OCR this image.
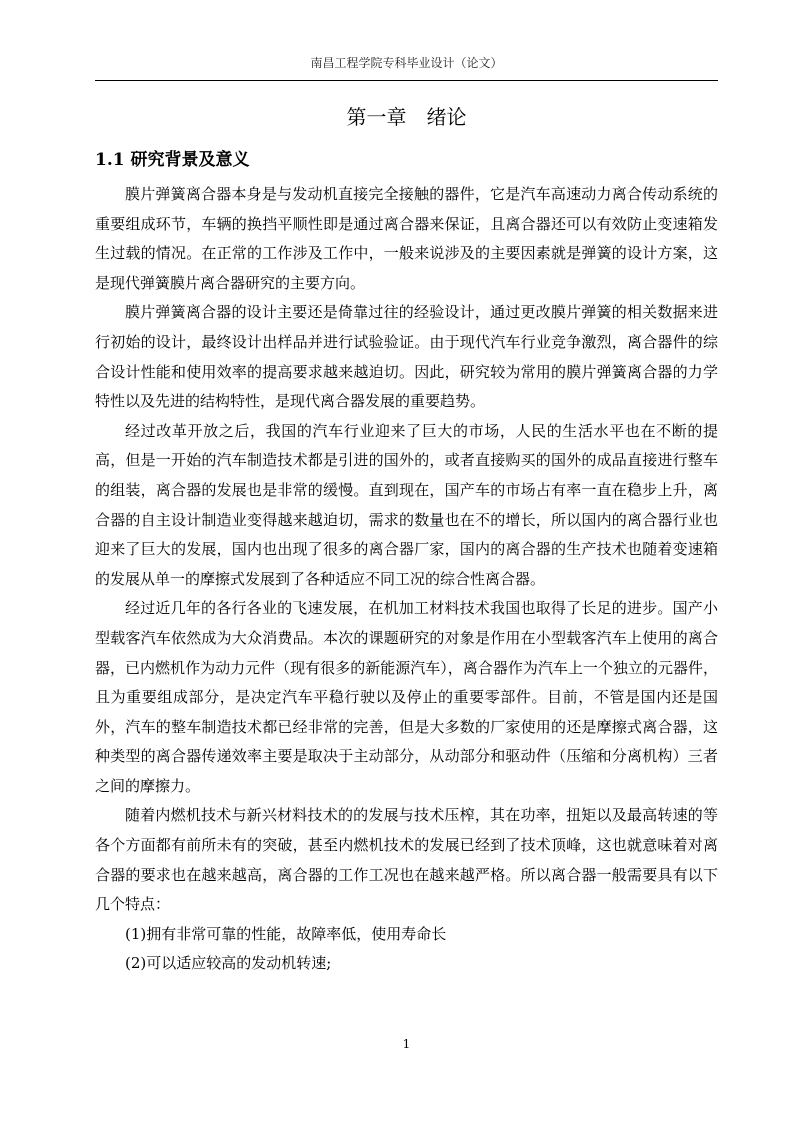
南昌工程学院专科毕业设计（论文）
第一章　绪论
1.1 研究背景及意义

膜片弹簧离合器本身是与发动机直接完全接触的器件，它是汽车高速动力离合传动系统的重要组成环节，车辆的换挡平顺性即是通过离合器来保证，且离合器还可以有效防止变速箱发生过载的情况。在正常的工作涉及工作中，一般来说涉及的主要因素就是弹簧的设计方案，这是现代弹簧膜片离合器研究的主要方向。

膜片弹簧离合器的设计主要还是倚靠过往的经验设计，通过更改膜片弹簧的相关数据来进行初始的设计，最终设计出样品并进行试验验证。由于现代汽车行业竞争激烈，离合器件的综合设计性能和使用效率的提高要求越来越迫切。因此，研究较为常用的膜片弹簧离合器的力学特性以及先进的结构特性，是现代离合器发展的重要趋势。

经过改革开放之后，我国的汽车行业迎来了巨大的市场，人民的生活水平也在不断的提高，但是一开始的汽车制造技术都是引进的国外的，或者直接购买的国外的成品直接进行整车的组装，离合器的发展也是非常的缓慢。直到现在，国产车的市场占有率一直在稳步上升，离合器的自主设计制造业变得越来越迫切，需求的数量也在不的增长，所以国内的离合器行业也迎来了巨大的发展，国内也出现了很多的离合器厂家，国内的离合器的生产技术也随着变速箱的发展从单一的摩擦式发展到了各种适应不同工况的综合性离合器。

经过近几年的各行各业的飞速发展，在机加工材料技术我国也取得了长足的进步。国产小型载客汽车依然成为大众消费品。本次的课题研究的对象是作用在小型载客汽车上使用的离合器，已内燃机作为动力元件（现有很多的新能源汽车），离合器作为汽车上一个独立的元器件，且为重要组成部分，是决定汽车平稳行驶以及停止的重要零部件。目前，不管是国内还是国外，汽车的整车制造技术都已经非常的完善，但是大多数的厂家使用的还是摩擦式离合器，这种类型的离合器传递效率主要是取决于主动部分，从动部分和驱动件（压缩和分离机构）三者之间的摩擦力。

随着内燃机技术与新兴材料技术的的发展与技术压榨，其在功率，扭矩以及最高转速的等各个方面都有前所未有的突破，甚至内燃机技术的发展已经到了技术顶峰，这也就意味着对离合器的要求也在越来越高，离合器的工作工况也在越来越严格。所以离合器一般需要具有以下几个特点：

(1)拥有非常可靠的性能，故障率低，使用寿命长

(2)可以适应较高的发动机转速;

1
